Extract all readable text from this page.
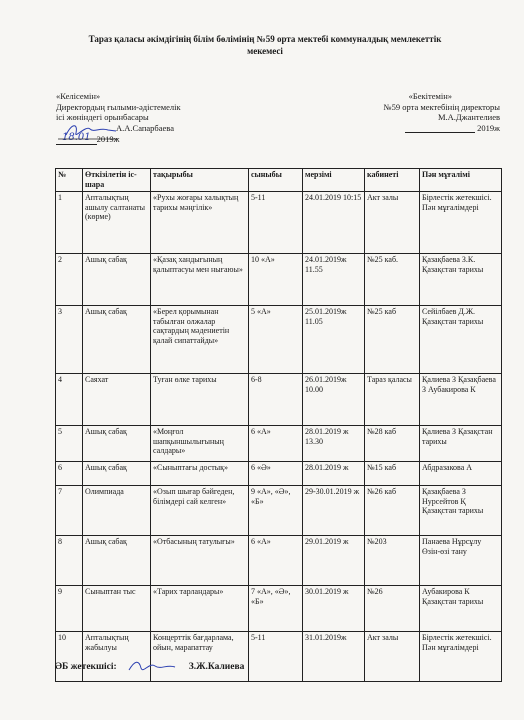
Тараз қаласы әкімдігінің білім бөлімінің №59 орта мектебі коммуналдық мемлекеттік
мекемесі
«Келісемін»
Директордың ғылыми-әдістемелік
ісі жөніндегі орынбасары
А.А.Сапарбаева
18.01 2019ж
«Бекітемін»
№59 орта мектебінің директоры
М.А.Джантелиев
2019ж
№	Өткізілетін іс-шара	тақырыбы	сыныбы	мерзімі	кабинеті	Пән мұғалімі
1	Апталықтың ашылу салтанаты (көрме)	«Рухы жоғары халықтың тарихы мәңгілік»	5-11	24.01.2019 10:15	Акт залы	Бірлестік жетекшісі. Пән мұғалімдері
2	Ашық сабақ	«Қазақ хандығының қалыптасуы мен нығаюы»	10 «А»	24.01.2019ж 11.55	№25 каб.	Қазақбаева З.К. Қазақстан тарихы
3	Ашық сабақ	«Берел қорымынан табылған олжалар сақтардың мәдениетін қалай сипаттайды»	5 «А»	25.01.2019ж 11.05	№25 каб	Сейілбаев Д.Ж. Қазақстан тарихы
4	Саяхат	Туған өлке тарихы	6-8	26.01.2019ж 10.00	Тараз қаласы	Қалиева З Қазақбаева З Аубакирова К
5	Ашық сабақ	«Моңғол шапқыншылығының салдары»	6 «А»	28.01.2019 ж 13.30	№28 каб	Қалиева З Қазақстан тарихы
6	Ашық сабақ	«Сыныптағы достық»	6 «Ә»	28.01.2019 ж	№15 каб	Абдразакова А
7	Олимпиада	«Озып шығар бәйгеден, білімдері сай келген»	9 «А», «Ә», «Б»	29-30.01.2019 ж	№26 каб	Қазақбаева З Нурсейтов Қ Қазақстан тарихы
8	Ашық сабақ	«Отбасының татулығы»	6 «А»	29.01.2019 ж	№203	Панаева Нұрсұлу Өзін-өзі тану
9	Сыныптан тыс	«Тарих тарландары»	7 «А», «Ә», «Б»	30.01.2019 ж	№26	Аубакирова К Қазақстан тарихы
10	Апталықтың жабылуы	Концерттік бағдарлама, ойын, марапаттау	5-11	31.01.2019ж	Акт залы	Бірлестік жетекшісі. Пән мұғалімдері
ӘБ жетекшісі:	З.Ж.Калиева
